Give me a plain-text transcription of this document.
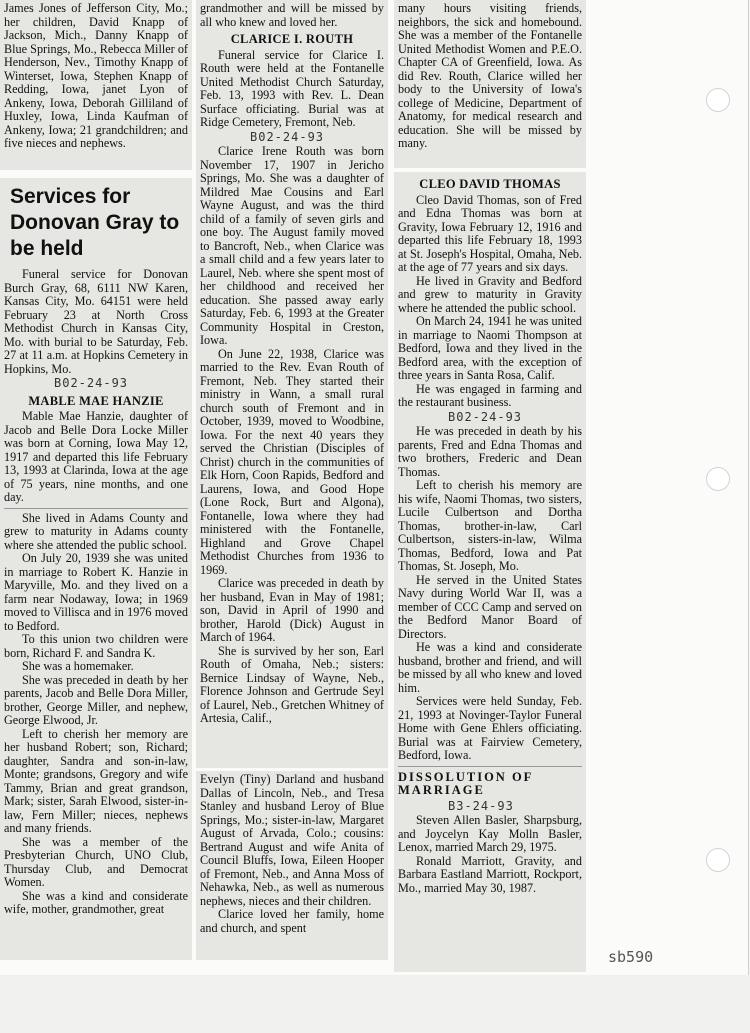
James Jones of Jefferson City, Mo.; her children, David Knapp of Jackson, Mich., Danny Knapp of Blue Springs, Mo., Rebecca Miller of Henderson, Nev., Timothy Knapp of Winterset, Iowa, Stephen Knapp of Redding, Iowa, janet Lyon of Ankeny, Iowa, Deborah Gilliland of Huxley, Iowa, Linda Kaufman of Ankeny, Iowa; 21 grandchildren; and five nieces and nephews.

Services for Donovan Gray to be held

Funeral service for Donovan Burch Gray, 68, 6111 NW Karen, Kansas City, Mo. 64151 were held February 23 at North Cross Methodist Church in Kansas City, Mo. with burial to be Saturday, Feb. 27 at 11 a.m. at Hopkins Cemetery in Hopkins, Mo.

B02-24-93
MABLE MAE HANZIE

Mable Mae Hanzie, daughter of Jacob and Belle Dora Locke Miller was born at Corning, Iowa May 12, 1917 and departed this life February 13, 1993 at Clarinda, Iowa at the age of 75 years, nine months, and one day.

She lived in Adams County and grew to maturity in Adams county where she attended the public school.

On July 20, 1939 she was united in marriage to Robert K. Hanzie in Maryville, Mo. and they lived on a farm near Nodaway, Iowa; in 1969 moved to Villisca and in 1976 moved to Bedford.

To this union two children were born, Richard F. and Sandra K.

She was a homemaker.

She was preceded in death by her parents, Jacob and Belle Dora Miller, brother, George Miller, and nephew, George Elwood, Jr.

Left to cherish her memory are her husband Robert; son, Richard; daughter, Sandra and son-in-law, Monte; grandsons, Gregory and wife Tammy, Brian and great grandson, Mark; sister, Sarah Elwood, sister-in-law, Fern Miller; nieces, nephews and many friends.

She was a member of the Presbyterian Church, UNO Club, Thursday Club, and Democrat Women.

She was a kind and considerate wife, mother, grandmother, great

grandmother and will be missed by all who knew and loved her.

CLARICE I. ROUTH

Funeral service for Clarice I. Routh were held at the Fontanelle United Methodist Church Saturday, Feb. 13, 1993 with Rev. L. Dean Surface officiating. Burial was at Ridge Cemetery, Fremont, Neb.

B02-24-93

Clarice Irene Routh was born November 17, 1907 in Jericho Springs, Mo. She was a daughter of Mildred Mae Cousins and Earl Wayne August, and was the third child of a family of seven girls and one boy. The August family moved to Bancroft, Neb., when Clarice was a small child and a few years later to Laurel, Neb. where she spent most of her childhood and received her education. She passed away early Saturday, Feb. 6, 1993 at the Greater Community Hospital in Creston, Iowa.

On June 22, 1938, Clarice was married to the Rev. Evan Routh of Fremont, Neb. They started their ministry in Wann, a small rural church south of Fremont and in October, 1939, moved to Woodbine, Iowa. For the next 40 years they served the Christian (Disciples of Christ) church in the communities of Elk Horn, Coon Rapids, Bedford and Laurens, Iowa, and Good Hope (Lone Rock, Burt and Algona), Fontanelle, Iowa where they had ministered with the Fontanelle, Highland and Grove Chapel Methodist Churches from 1936 to 1969.

Clarice was preceded in death by her husband, Evan in May of 1981; son, David in April of 1990 and brother, Harold (Dick) August in March of 1964.

She is survived by her son, Earl Routh of Omaha, Neb.; sisters: Bernice Lindsay of Wayne, Neb., Florence Johnson and Gertrude Seyl of Laurel, Neb., Gretchen Whitney of Artesia, Calif.,

Evelyn (Tiny) Darland and husband Dallas of Lincoln, Neb., and Tresa Stanley and husband Leroy of Blue Springs, Mo.; sister-in-law, Margaret August of Arvada, Colo.; cousins: Bertrand August and wife Anita of Council Bluffs, Iowa, Eileen Hooper of Fremont, Neb., and Anna Moss of Nehawka, Neb., as well as numerous nephews, nieces and their children.

Clarice loved her family, home and church, and spent

many hours visiting friends, neighbors, the sick and homebound. She was a member of the Fontanelle United Methodist Women and P.E.O. Chapter CA of Greenfield, Iowa. As did Rev. Routh, Clarice willed her body to the University of Iowa's college of Medicine, Department of Anatomy, for medical research and education. She will be missed by many.

CLEO DAVID THOMAS

Cleo David Thomas, son of Fred and Edna Thomas was born at Gravity, Iowa February 12, 1916 and departed this life February 18, 1993 at St. Joseph's Hospital, Omaha, Neb. at the age of 77 years and six days.

He lived in Gravity and Bedford and grew to maturity in Gravity where he attended the public school.

On March 24, 1941 he was united in marriage to Naomi Thompson at Bedford, Iowa and they lived in the Bedford area, with the exception of three years in Santa Rosa, Calif.

He was engaged in farming and the restaurant business.

B02-24-93

He was preceded in death by his parents, Fred and Edna Thomas and two brothers, Frederic and Dean Thomas.

Left to cherish his memory are his wife, Naomi Thomas, two sisters, Lucile Culbertson and Dortha Thomas, brother-in-law, Carl Culbertson, sisters-in-law, Wilma Thomas, Bedford, Iowa and Pat Thomas, St. Joseph, Mo.

He served in the United States Navy during World War II, was a member of CCC Camp and served on the Bedford Manor Board of Directors.

He was a kind and considerate husband, brother and friend, and will be missed by all who knew and loved him.

Services were held Sunday, Feb. 21, 1993 at Novinger-Taylor Funeral Home with Gene Ehlers officiating. Burial was at Fairview Cemetery, Bedford, Iowa.

DISSOLUTION OF MARRIAGE
B3-24-93

Steven Allen Basler, Sharpsburg, and Joycelyn Kay Molln Basler, Lenox, married March 29, 1975.

Ronald Marriott, Gravity, and Barbara Eastland Marriott, Rockport, Mo., married May 30, 1987.

sb590
